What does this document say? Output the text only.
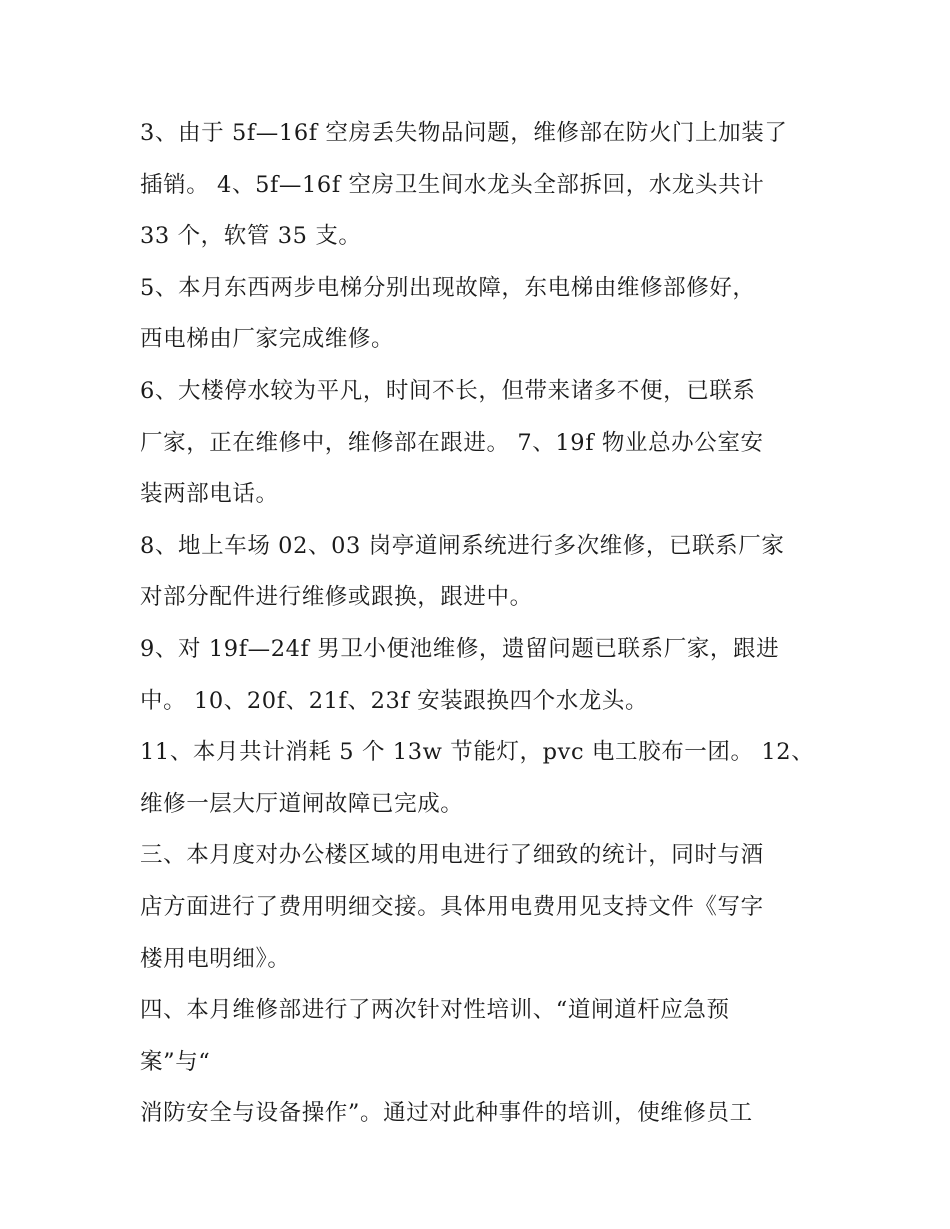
3、由于 5f—16f 空房丢失物品问题，维修部在防火门上加装了
插销。 4、5f—16f 空房卫生间水龙头全部拆回，水龙头共计
33 个，软管 35 支。
5、本月东西两步电梯分别出现故障，东电梯由维修部修好，
西电梯由厂家完成维修。
6、大楼停水较为平凡，时间不长，但带来诸多不便，已联系
厂家，正在维修中，维修部在跟进。 7、19f 物业总办公室安
装两部电话。
8、地上车场 02、03 岗亭道闸系统进行多次维修，已联系厂家
对部分配件进行维修或跟换，跟进中。
9、对 19f—24f 男卫小便池维修，遗留问题已联系厂家，跟进
中。 10、20f、21f、23f 安装跟换四个水龙头。
11、本月共计消耗 5 个 13w 节能灯，pvc 电工胶布一团。 12、
维修一层大厅道闸故障已完成。
三、本月度对办公楼区域的用电进行了细致的统计，同时与酒
店方面进行了费用明细交接。具体用电费用见支持文件《写字
楼用电明细》。
四、本月维修部进行了两次针对性培训、“道闸道杆应急预
案”与“
消防安全与设备操作”。通过对此种事件的培训，使维修员工
